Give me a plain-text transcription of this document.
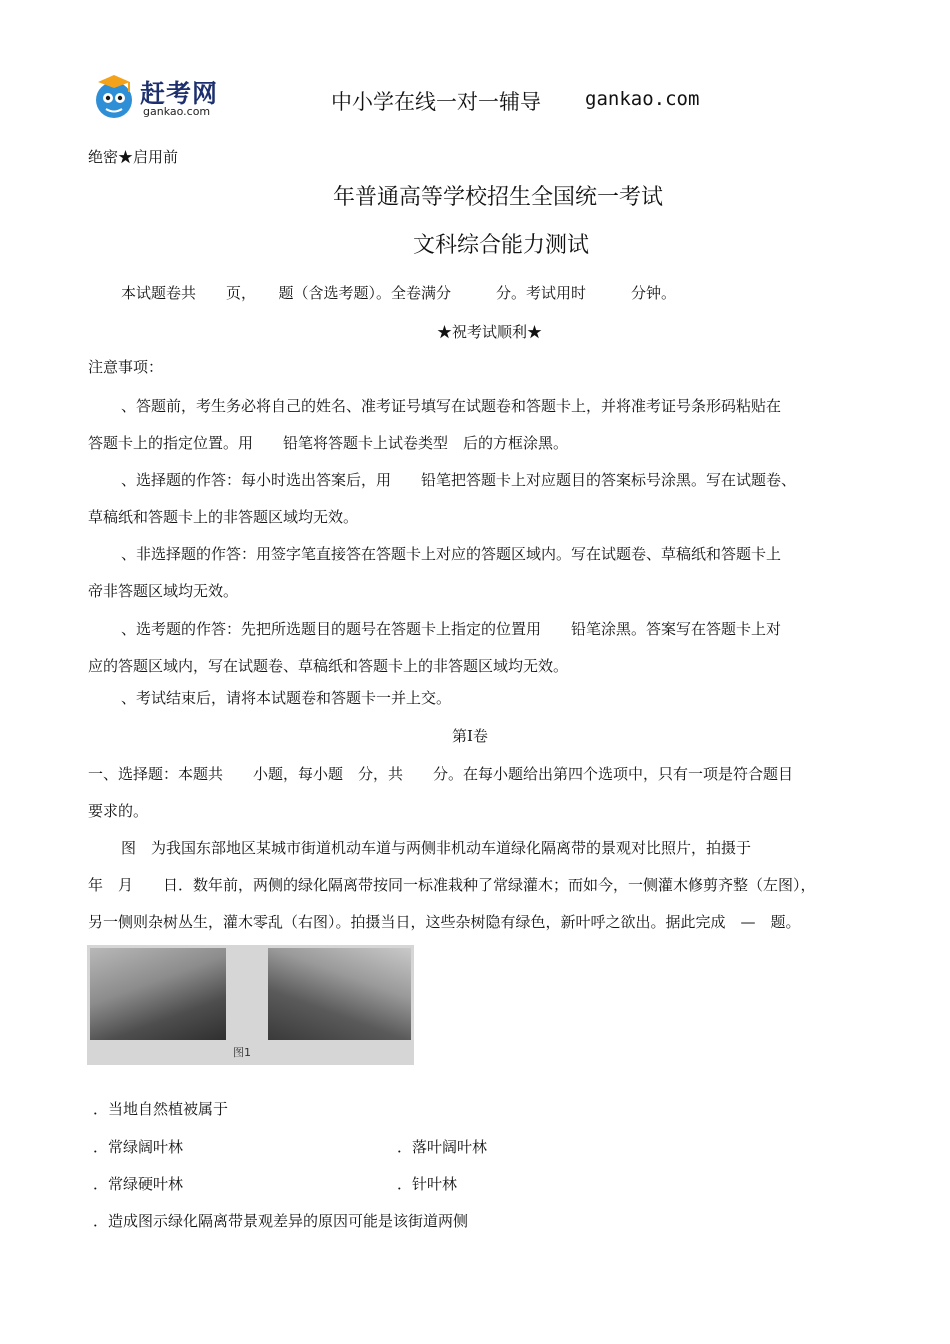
赶考网
gankao.com	中小学在线一对一辅导 gankao.com
绝密★启用前
年普通高等学校招生全国统一考试
文科综合能力测试
本试题卷共　　页，　　题（含选考题）。全卷满分　　　分。考试用时　　　分钟。
★祝考试顺利★
注意事项：
、答题前，考生务必将自己的姓名、准考证号填写在试题卷和答题卡上，并将准考证号条形码粘贴在
答题卡上的指定位置。用　　铅笔将答题卡上试卷类型　后的方框涂黑。
、选择题的作答：每小时选出答案后，用　　铅笔把答题卡上对应题目的答案标号涂黑。写在试题卷、
草稿纸和答题卡上的非答题区域均无效。
、非选择题的作答：用签字笔直接答在答题卡上对应的答题区域内。写在试题卷、草稿纸和答题卡上
帝非答题区域均无效。
、选考题的作答：先把所选题目的题号在答题卡上指定的位置用　　铅笔涂黑。答案写在答题卡上对
应的答题区域内，写在试题卷、草稿纸和答题卡上的非答题区域均无效。
、考试结束后，请将本试题卷和答题卡一并上交。
第Ⅰ卷
一、选择题：本题共　　小题，每小题　分，共　　分。在每小题给出第四个选项中，只有一项是符合题目
要求的。
图　为我国东部地区某城市街道机动车道与两侧非机动车道绿化隔离带的景观对比照片，拍摄于
年　月　　日．数年前，两侧的绿化隔离带按同一标准栽种了常绿灌木；而如今，一侧灌木修剪齐整（左图），
另一侧则杂树丛生，灌木零乱（右图）。拍摄当日，这些杂树隐有绿色，新叶呼之欲出。据此完成　—　题。
图1
．当地自然植被属于
．常绿阔叶林	．落叶阔叶林
．常绿硬叶林	．针叶林
．造成图示绿化隔离带景观差异的原因可能是该街道两侧
